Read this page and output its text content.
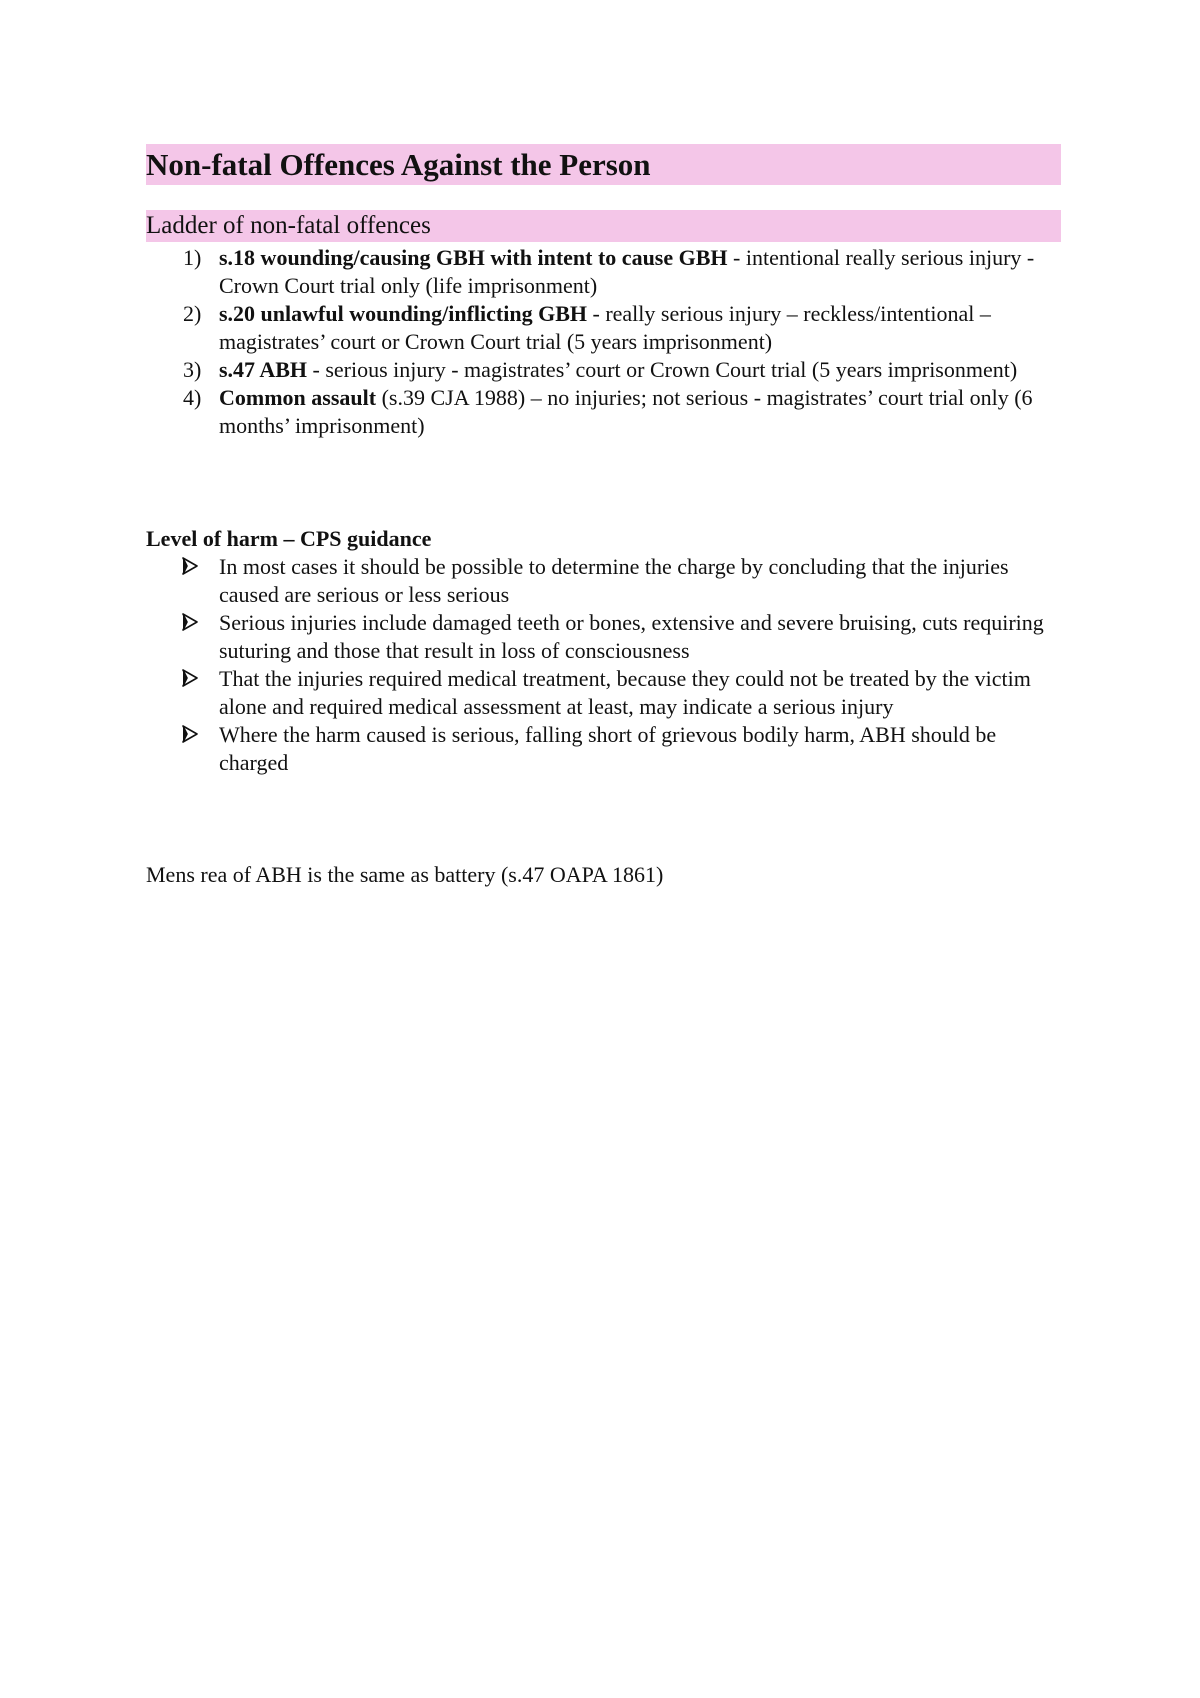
Non-fatal Offences Against the Person
Ladder of non-fatal offences
1) s.18 wounding/causing GBH with intent to cause GBH - intentional really serious injury - Crown Court trial only (life imprisonment)
2) s.20 unlawful wounding/inflicting GBH - really serious injury – reckless/intentional – magistrates’ court or Crown Court trial (5 years imprisonment)
3) s.47 ABH - serious injury - magistrates’ court or Crown Court trial (5 years imprisonment)
4) Common assault (s.39 CJA 1988) – no injuries; not serious - magistrates’ court trial only (6 months’ imprisonment)
Level of harm – CPS guidance
In most cases it should be possible to determine the charge by concluding that the injuries caused are serious or less serious
Serious injuries include damaged teeth or bones, extensive and severe bruising, cuts requiring suturing and those that result in loss of consciousness
That the injuries required medical treatment, because they could not be treated by the victim alone and required medical assessment at least, may indicate a serious injury
Where the harm caused is serious, falling short of grievous bodily harm, ABH should be charged
Mens rea of ABH is the same as battery (s.47 OAPA 1861)
